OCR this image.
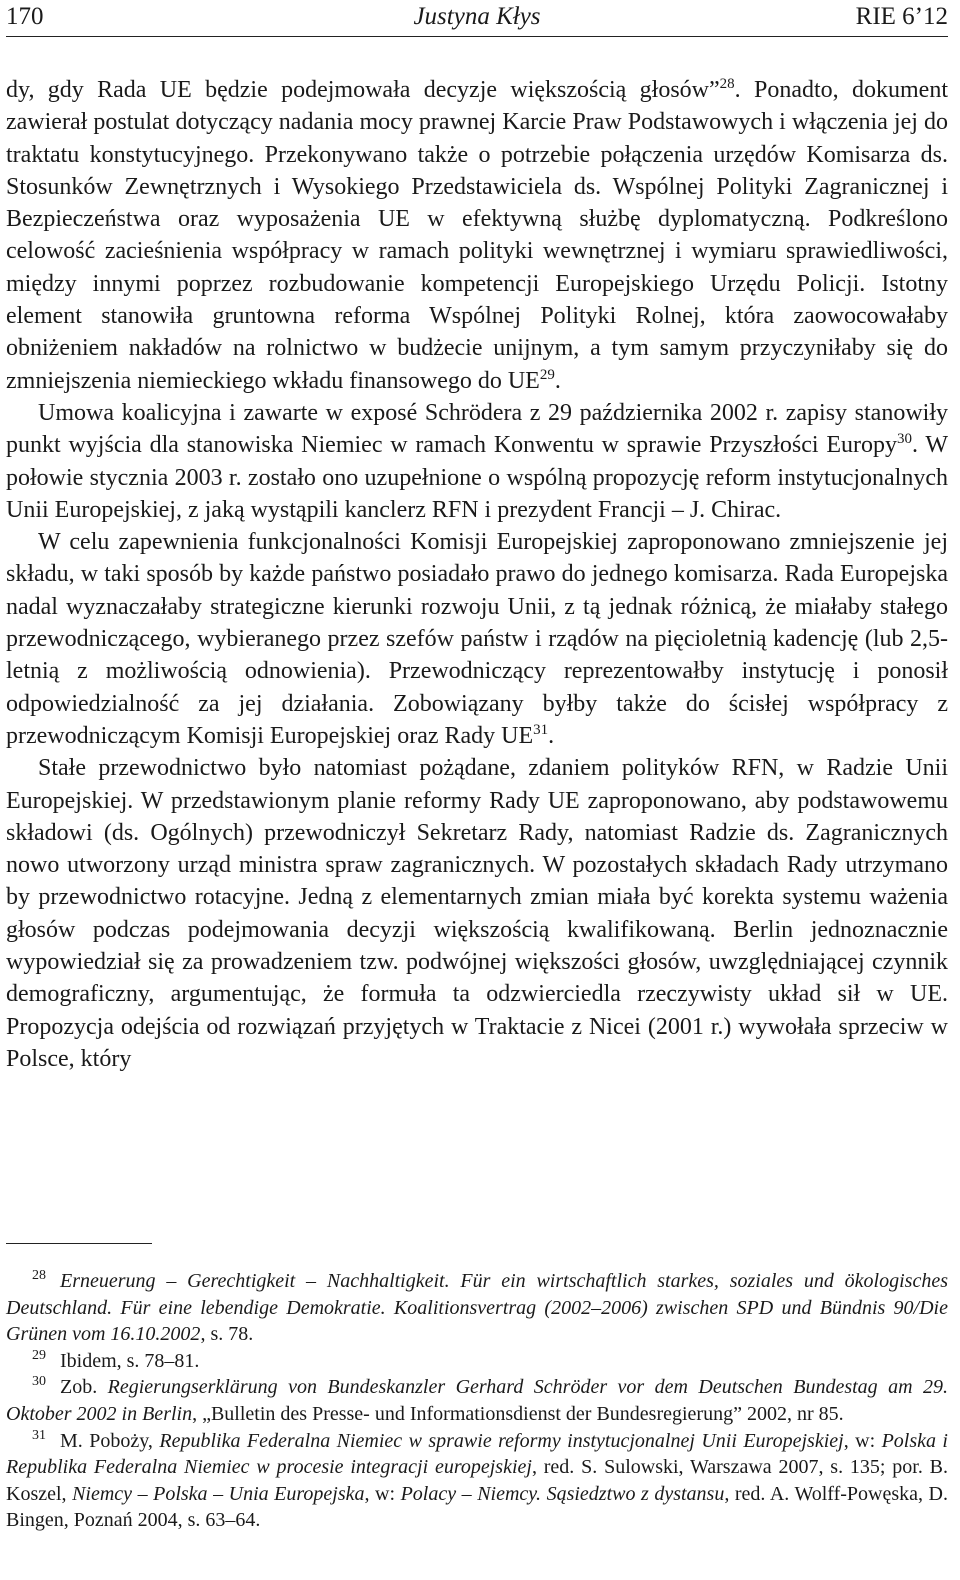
170	Justyna Kłys	RIE 6’12

dy, gdy Rada UE będzie podejmowała decyzje większością głosów”$^{28}$. Ponadto, dokument zawierał postulat dotyczący nadania mocy prawnej Karcie Praw Podstawowych i włączenia jej do traktatu konstytucyjnego. Przekonywano także o potrzebie połączenia urzędów Komisarza ds. Stosunków Zewnętrznych i Wysokiego Przedstawiciela ds. Wspólnej Polityki Zagranicznej i Bezpieczeństwa oraz wyposażenia UE w efektywną służbę dyplomatyczną. Podkreślono celowość zacieśnienia współpracy w ramach polityki wewnętrznej i wymiaru sprawiedliwości, między innymi poprzez rozbudowanie kompetencji Europejskiego Urzędu Policji. Istotny element stanowiła gruntowna reforma Wspólnej Polityki Rolnej, która zaowocowałaby obniżeniem nakładów na rolnictwo w budżecie unijnym, a tym samym przyczyniłaby się do zmniejszenia niemieckiego wkładu finansowego do UE$^{29}$.

Umowa koalicyjna i zawarte w exposé Schrödera z 29 października 2002 r. zapisy stanowiły punkt wyjścia dla stanowiska Niemiec w ramach Konwentu w sprawie Przyszłości Europy$^{30}$. W połowie stycznia 2003 r. zostało ono uzupełnione o wspólną propozycję reform instytucjonalnych Unii Europejskiej, z jaką wystąpili kanclerz RFN i prezydent Francji – J. Chirac.

W celu zapewnienia funkcjonalności Komisji Europejskiej zaproponowano zmniejszenie jej składu, w taki sposób by każde państwo posiadało prawo do jednego komisarza. Rada Europejska nadal wyznaczałaby strategiczne kierunki rozwoju Unii, z tą jednak różnicą, że miałaby stałego przewodniczącego, wybieranego przez szefów państw i rządów na pięcioletnią kadencję (lub 2,5-letnią z możliwością odnowienia). Przewodniczący reprezentowałby instytucję i ponosił odpowiedzialność za jej działania. Zobowiązany byłby także do ścisłej współpracy z przewodniczącym Komisji Europejskiej oraz Rady UE$^{31}$.

Stałe przewodnictwo było natomiast pożądane, zdaniem polityków RFN, w Radzie Unii Europejskiej. W przedstawionym planie reformy Rady UE zaproponowano, aby podstawowemu składowi (ds. Ogólnych) przewodniczył Sekretarz Rady, natomiast Radzie ds. Zagranicznych nowo utworzony urząd ministra spraw zagranicznych. W pozostałych składach Rady utrzymano by przewodnictwo rotacyjne. Jedną z elementarnych zmian miała być korekta systemu ważenia głosów podczas podejmowania decyzji większością kwalifikowaną. Berlin jednoznacznie wypowiedział się za prowadzeniem tzw. podwójnej większości głosów, uwzględniającej czynnik demograficzny, argumentując, że formuła ta odzwierciedla rzeczywisty układ sił w UE. Propozycja odejścia od rozwiązań przyjętych w Traktacie z Nicei (2001 r.) wywołała sprzeciw w Polsce, który

$^{28}$ Erneuerung – Gerechtigkeit – Nachhaltigkeit. Für ein wirtschaftlich starkes, soziales und ökologisches Deutschland. Für eine lebendige Demokratie. Koalitionsvertrag (2002–2006) zwischen SPD und Bündnis 90/Die Grünen vom 16.10.2002, s. 78.

$^{29}$ Ibidem, s. 78–81.

$^{30}$ Zob. Regierungserklärung von Bundeskanzler Gerhard Schröder vor dem Deutschen Bundestag am 29. Oktober 2002 in Berlin, „Bulletin des Presse- und Informationsdienst der Bundesregierung” 2002, nr 85.

$^{31}$ M. Poboży, Republika Federalna Niemiec w sprawie reformy instytucjonalnej Unii Europejskiej, w: Polska i Republika Federalna Niemiec w procesie integracji europejskiej, red. S. Sulowski, Warszawa 2007, s. 135; por. B. Koszel, Niemcy – Polska – Unia Europejska, w: Polacy – Niemcy. Sąsiedztwo z dystansu, red. A. Wolff-Powęska, D. Bingen, Poznań 2004, s. 63–64.
